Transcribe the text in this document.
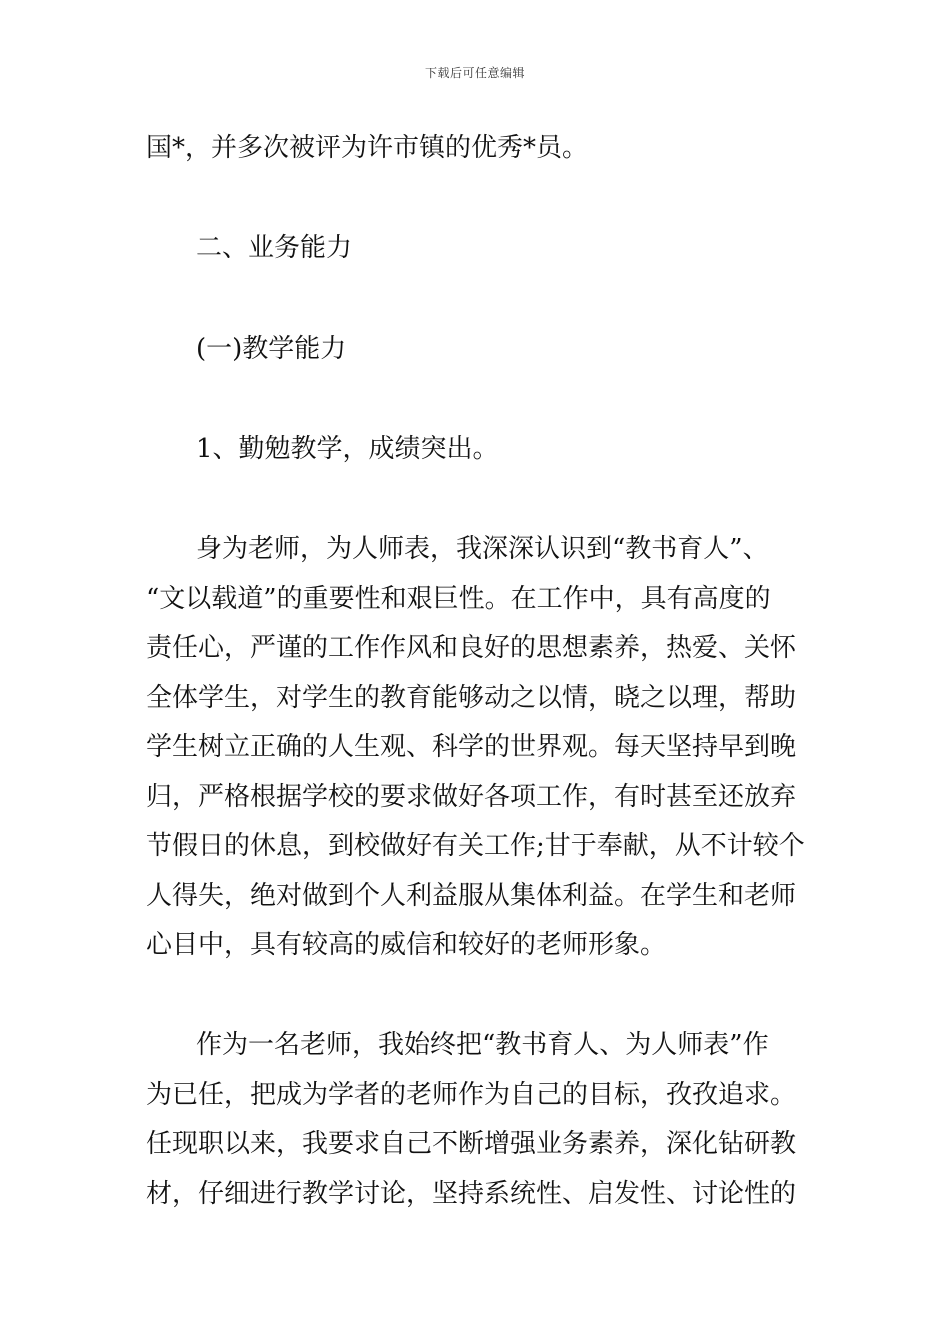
下载后可任意编辑
国*，并多次被评为许市镇的优秀*员。
二、业务能力
(一)教学能力
1、勤勉教学，成绩突出。
身为老师，为人师表，我深深认识到“教书育人”、
“文以载道”的重要性和艰巨性。在工作中，具有高度的
责任心，严谨的工作作风和良好的思想素养，热爱、关怀
全体学生，对学生的教育能够动之以情，晓之以理，帮助
学生树立正确的人生观、科学的世界观。每天坚持早到晚
归，严格根据学校的要求做好各项工作，有时甚至还放弃
节假日的休息，到校做好有关工作;甘于奉献，从不计较个
人得失，绝对做到个人利益服从集体利益。在学生和老师
心目中，具有较高的威信和较好的老师形象。
作为一名老师，我始终把“教书育人、为人师表”作
为已任，把成为学者的老师作为自己的目标，孜孜追求。
任现职以来，我要求自己不断增强业务素养，深化钻研教
材，仔细进行教学讨论，坚持系统性、启发性、讨论性的
